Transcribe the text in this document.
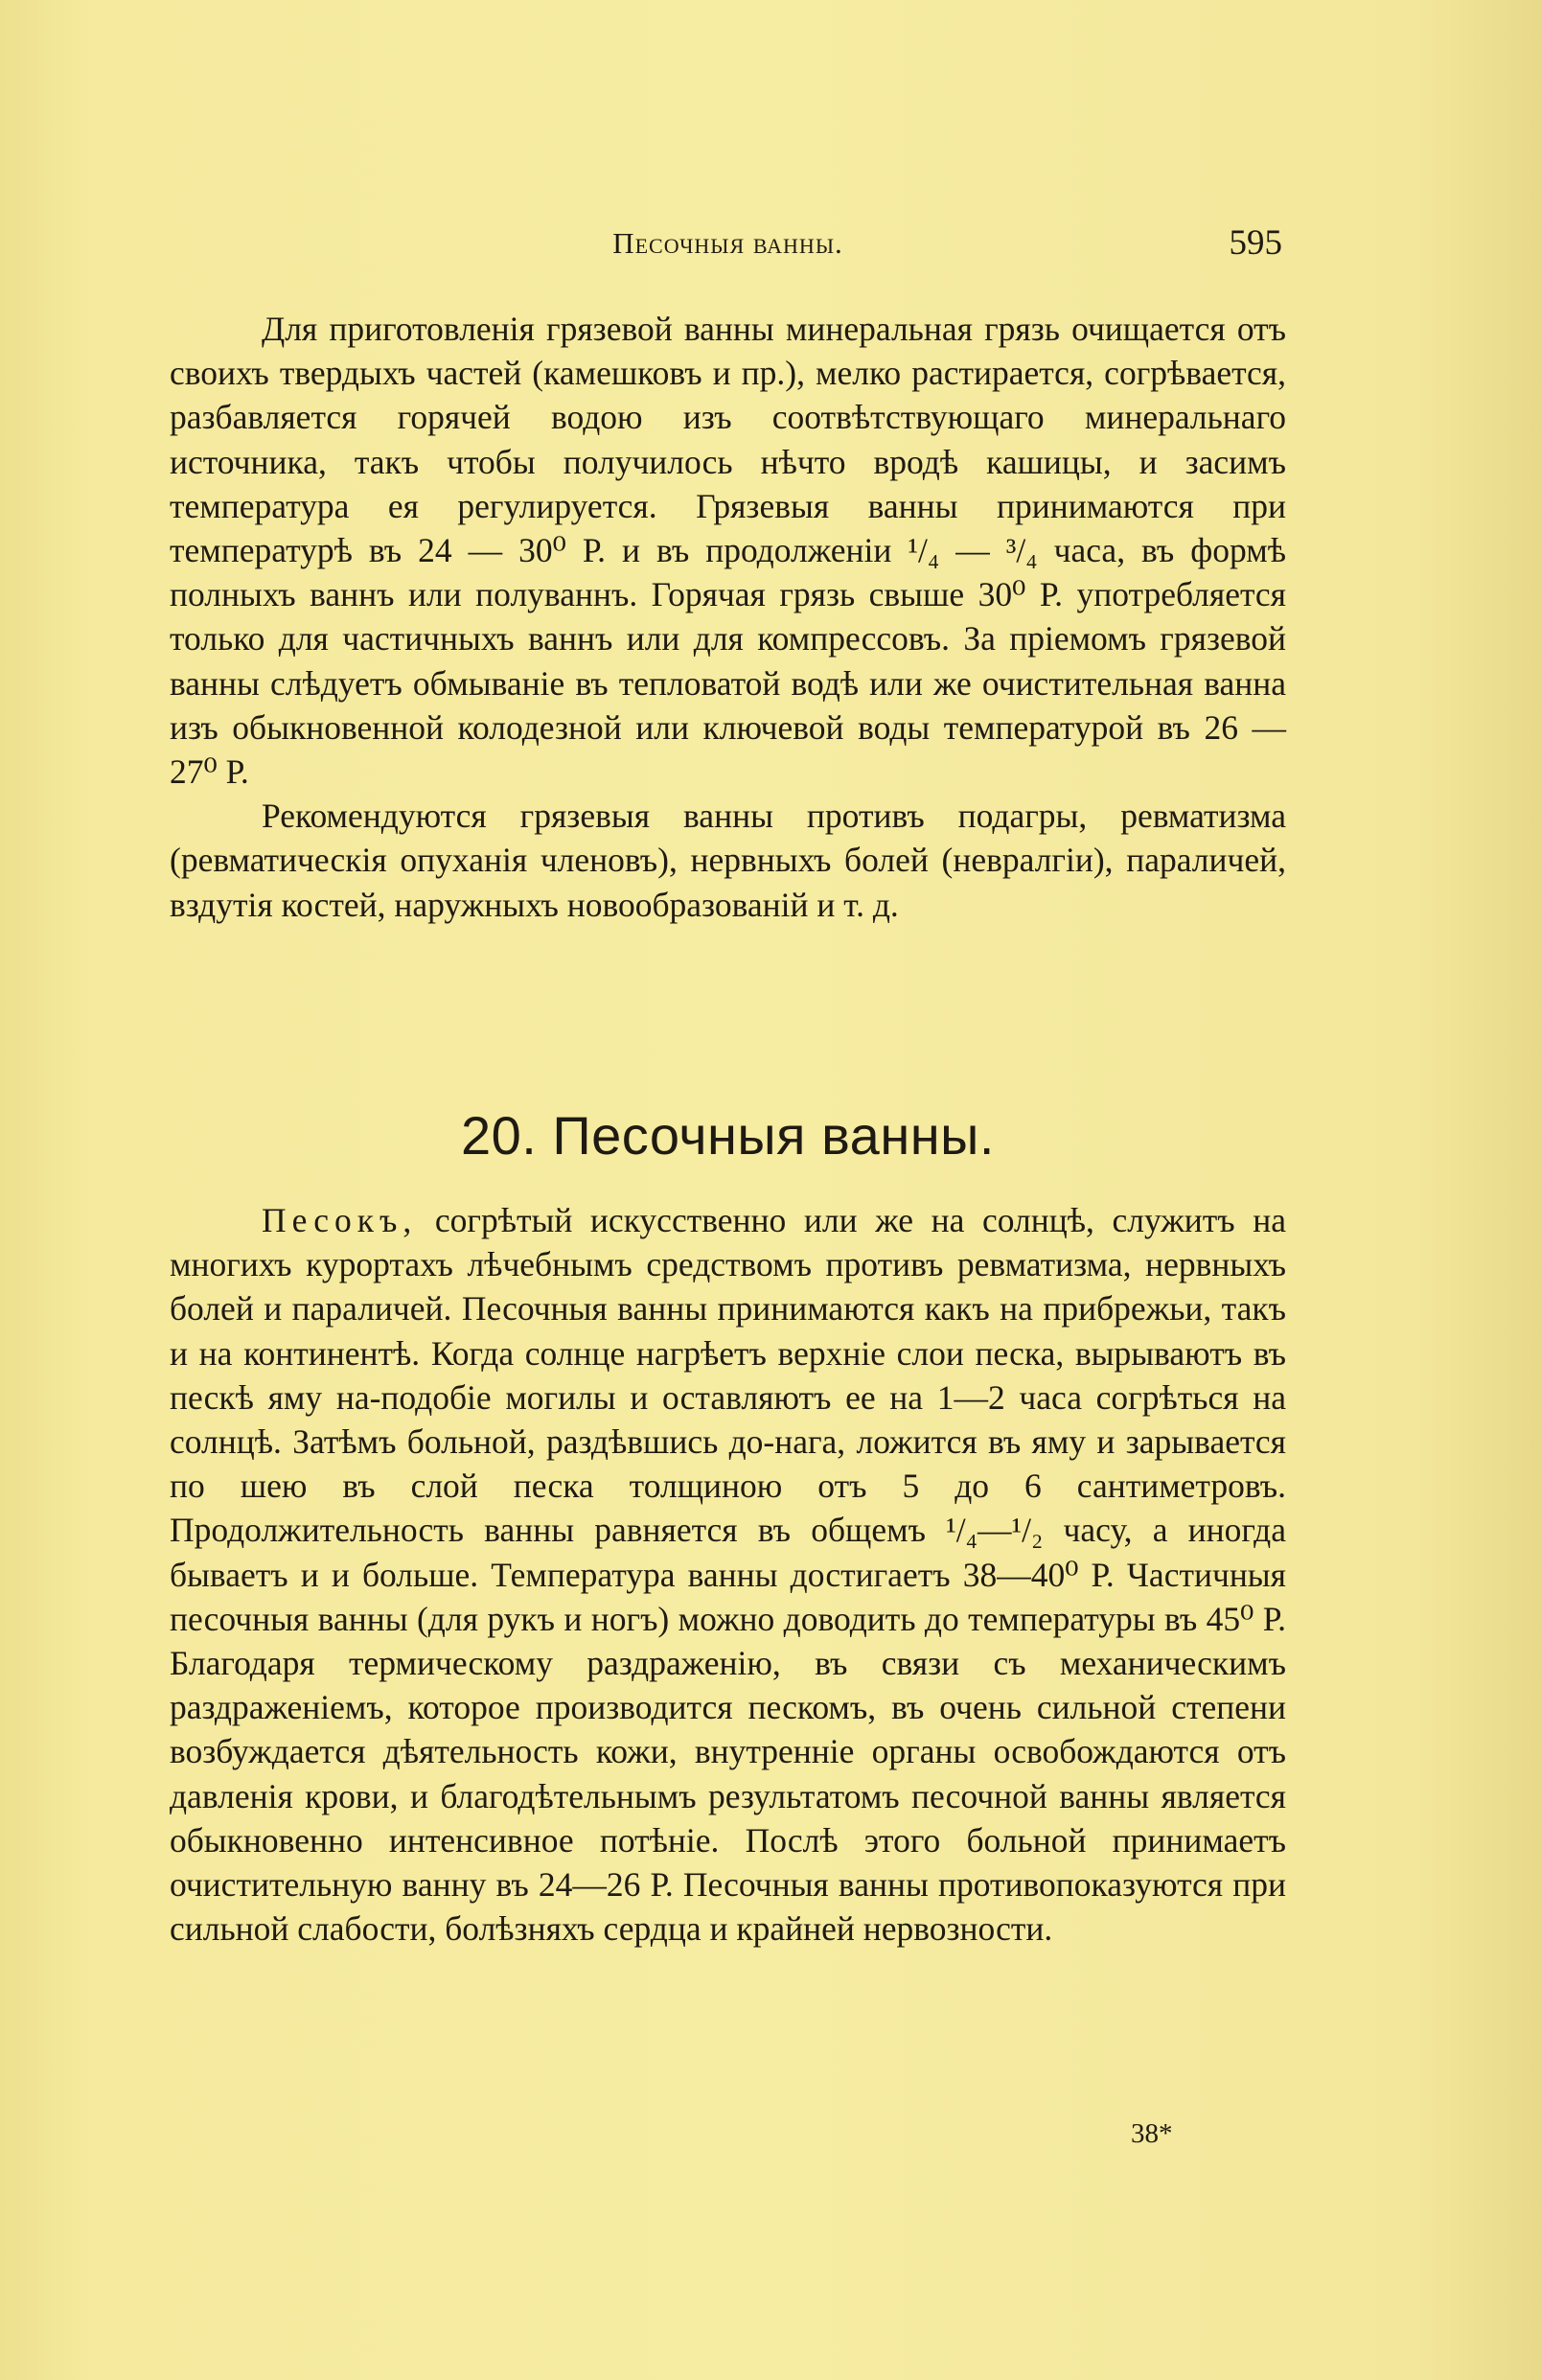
Песочныя ванны.	595

Для приготовленія грязевой ванны минеральная грязь очищается отъ своихъ твердыхъ частей (камешковъ и пр.), мелко растирается, согрѣвается, разбавляется горячей водою изъ соотвѣтствующаго минеральнаго источника, такъ чтобы получилось нѣчто вродѣ кашицы, и засимъ температура ея регулируется. Грязевыя ванны принимаются при температурѣ въ 24 — 30⁰ Р. и въ продолженіи ¹/₄ — ³/₄ часа, въ формѣ полныхъ ваннъ или полуваннъ. Горячая грязь свыше 30⁰ Р. употребляется только для частичныхъ ваннъ или для компрессовъ. За пріемомъ грязевой ванны слѣдуетъ обмываніе въ тепловатой водѣ или же очистительная ванна изъ обыкновенной колодезной или ключевой воды температурой въ 26 — 27⁰ Р.

Рекомендуются грязевыя ванны противъ подагры, ревматизма (ревматическія опуханія членовъ), нервныхъ болей (невралгіи), параличей, вздутія костей, наружныхъ новообразованій и т. д.

20. Песочныя ванны.

Песокъ, согрѣтый искусственно или же на солнцѣ, служитъ на многихъ курортахъ лѣчебнымъ средствомъ противъ ревматизма, нервныхъ болей и параличей. Песочныя ванны принимаются какъ на прибрежьи, такъ и на континентѣ. Когда солнце нагрѣетъ верхніе слои песка, вырываютъ въ пескѣ яму на-подобіе могилы и оставляютъ ее на 1—2 часа согрѣться на солнцѣ. Затѣмъ больной, раздѣвшись до-нага, ложится въ яму и зарывается по шею въ слой песка толщиною отъ 5 до 6 сантиметровъ. Продолжительность ванны равняется въ общемъ ¹/₄—¹/₂ часу, а иногда бываетъ и и больше. Температура ванны достигаетъ 38—40⁰ Р. Частичныя песочныя ванны (для рукъ и ногъ) можно доводить до температуры въ 45⁰ Р. Благодаря термическому раздраженію, въ связи съ механическимъ раздраженіемъ, которое производится пескомъ, въ очень сильной степени возбуждается дѣятельность кожи, внутренніе органы освобождаются отъ давленія крови, и благодѣтельнымъ результатомъ песочной ванны является обыкновенно интенсивное потѣніе. Послѣ этого больной принимаетъ очистительную ванну въ 24—26 Р. Песочныя ванны противопоказуются при сильной слабости, болѣзняхъ сердца и крайней нервозности.

38*
